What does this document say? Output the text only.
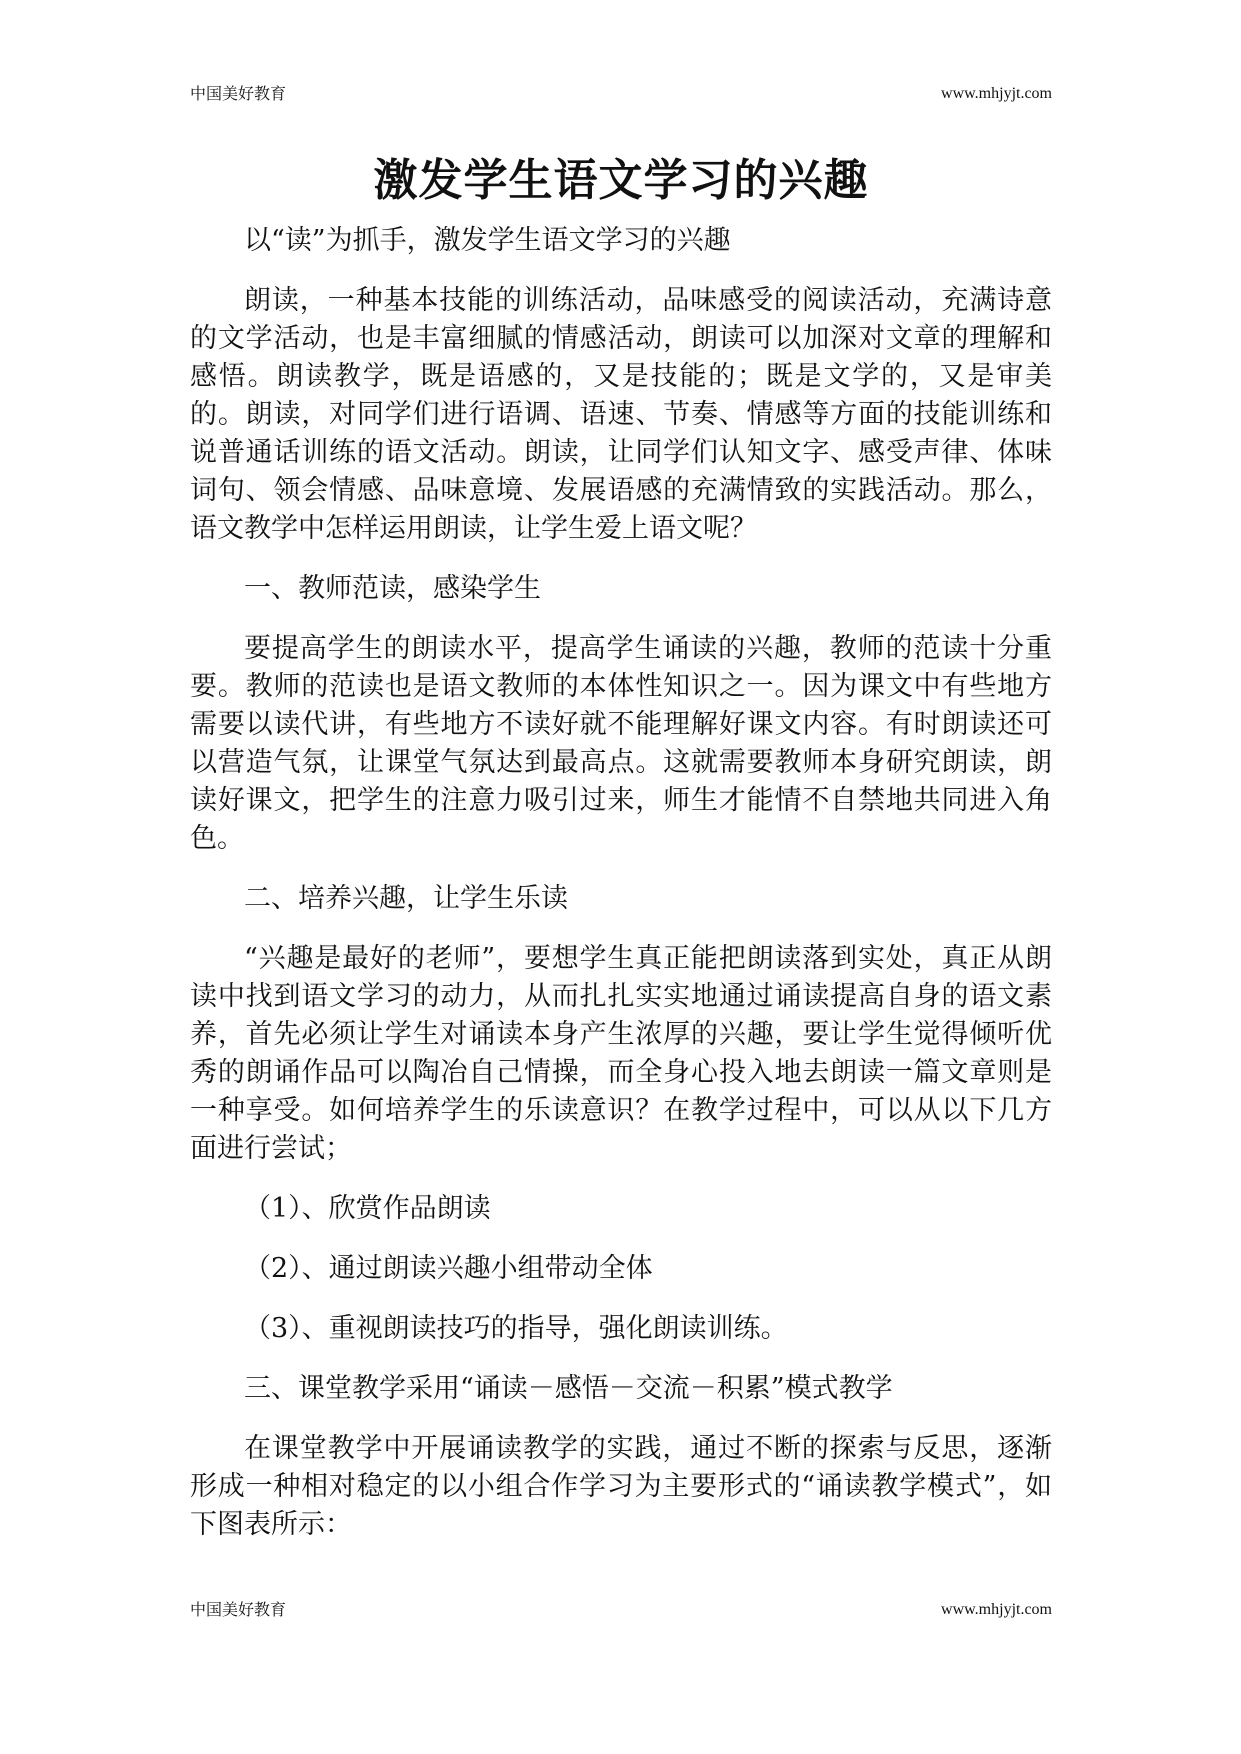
中国美好教育	www.mhjyjt.com
激发学生语文学习的兴趣

以“读”为抓手，激发学生语文学习的兴趣

朗读，一种基本技能的训练活动，品味感受的阅读活动，充满诗意的文学活动，也是丰富细腻的情感活动，朗读可以加深对文章的理解和感悟。朗读教学，既是语感的，又是技能的；既是文学的，又是审美的。朗读，对同学们进行语调、语速、节奏、情感等方面的技能训练和说普通话训练的语文活动。朗读，让同学们认知文字、感受声律、体味词句、领会情感、品味意境、发展语感的充满情致的实践活动。那么，语文教学中怎样运用朗读，让学生爱上语文呢？

一、教师范读，感染学生

要提高学生的朗读水平，提高学生诵读的兴趣，教师的范读十分重要。教师的范读也是语文教师的本体性知识之一。因为课文中有些地方需要以读代讲，有些地方不读好就不能理解好课文内容。有时朗读还可以营造气氛，让课堂气氛达到最高点。这就需要教师本身研究朗读，朗读好课文，把学生的注意力吸引过来，师生才能情不自禁地共同进入角色。

二、培养兴趣，让学生乐读

“兴趣是最好的老师”，要想学生真正能把朗读落到实处，真正从朗读中找到语文学习的动力，从而扎扎实实地通过诵读提高自身的语文素养，首先必须让学生对诵读本身产生浓厚的兴趣，要让学生觉得倾听优秀的朗诵作品可以陶冶自己情操，而全身心投入地去朗读一篇文章则是一种享受。如何培养学生的乐读意识？在教学过程中，可以从以下几方面进行尝试；

（1）、欣赏作品朗读

（2）、通过朗读兴趣小组带动全体

（3）、重视朗读技巧的指导，强化朗读训练。

三、课堂教学采用“诵读－感悟－交流－积累”模式教学

在课堂教学中开展诵读教学的实践，通过不断的探索与反思，逐渐形成一种相对稳定的以小组合作学习为主要形式的“诵读教学模式”，如下图表所示：

中国美好教育	www.mhjyjt.com
